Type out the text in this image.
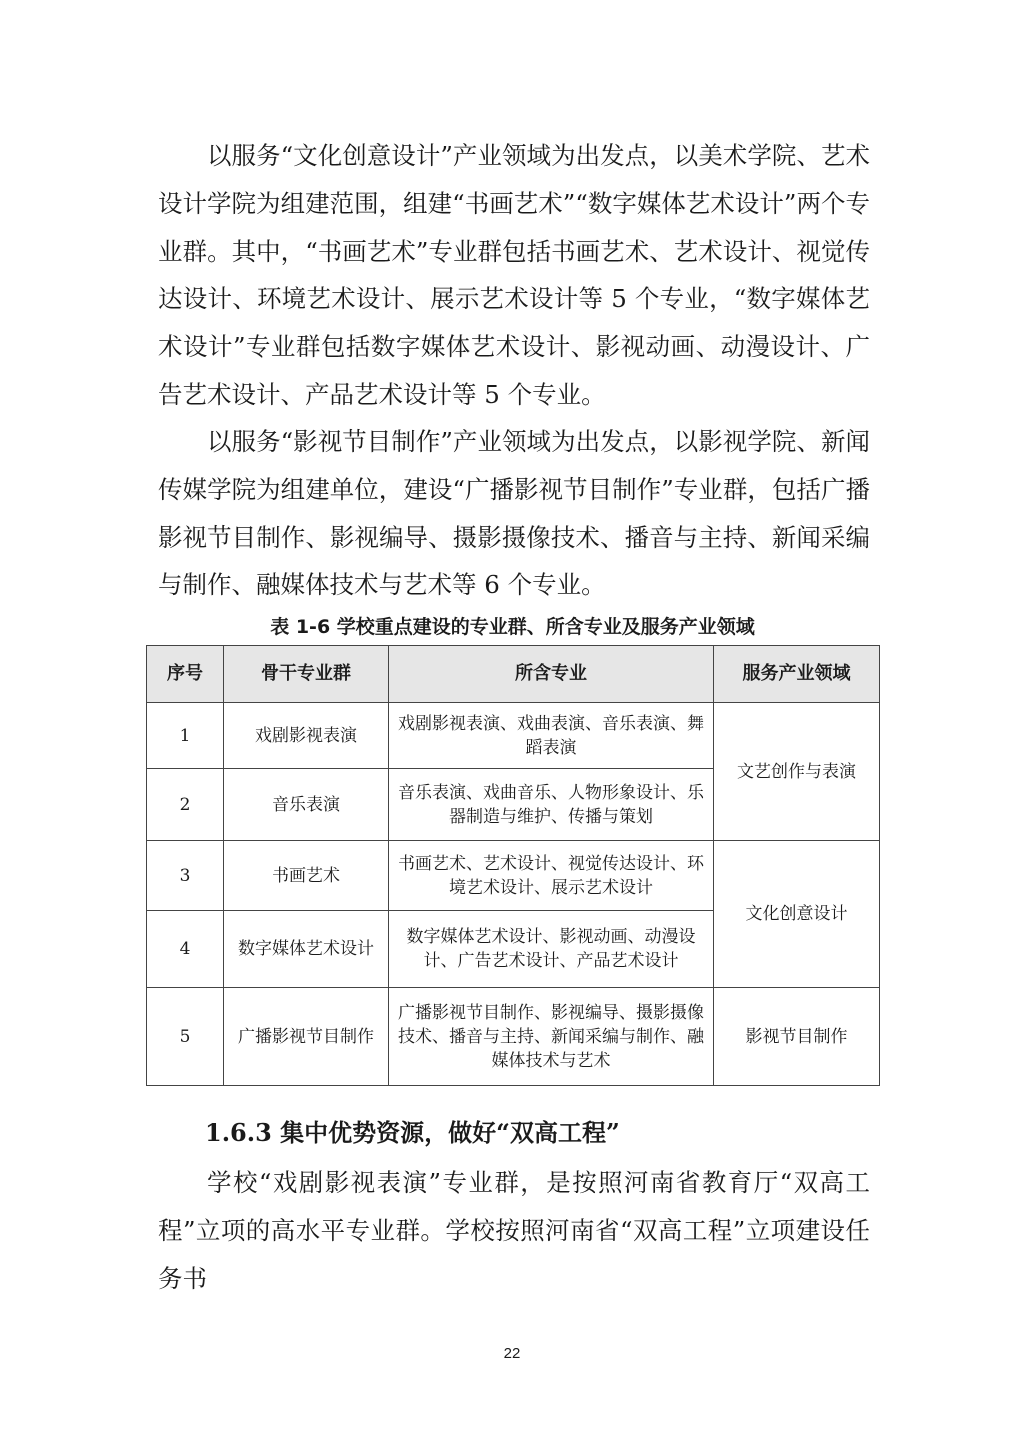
以服务“文化创意设计”产业领域为出发点，以美术学院、艺术设计学院为组建范围，组建“书画艺术”“数字媒体艺术设计”两个专业群。其中，“书画艺术”专业群包括书画艺术、艺术设计、视觉传达设计、环境艺术设计、展示艺术设计等 5 个专业，“数字媒体艺术设计”专业群包括数字媒体艺术设计、影视动画、动漫设计、广告艺术设计、产品艺术设计等 5 个专业。

以服务“影视节目制作”产业领域为出发点，以影视学院、新闻传媒学院为组建单位，建设“广播影视节目制作”专业群，包括广播影视节目制作、影视编导、摄影摄像技术、播音与主持、新闻采编与制作、融媒体技术与艺术等 6 个专业。

表 1-6 学校重点建设的专业群、所含专业及服务产业领域

序号	骨干专业群	所含专业	服务产业领域
1	戏剧影视表演	戏剧影视表演、戏曲表演、音乐表演、舞蹈表演	文艺创作与表演
2	音乐表演	音乐表演、戏曲音乐、人物形象设计、乐器制造与维护、传播与策划	
3	书画艺术	书画艺术、艺术设计、视觉传达设计、环境艺术设计、展示艺术设计	文化创意设计
4	数字媒体艺术设计	数字媒体艺术设计、影视动画、动漫设计、广告艺术设计、产品艺术设计	
5	广播影视节目制作	广播影视节目制作、影视编导、摄影摄像技术、播音与主持、新闻采编与制作、融媒体技术与艺术	影视节目制作
1.6.3 集中优势资源，做好“双高工程”

学校“戏剧影视表演”专业群，是按照河南省教育厅“双高工程”立项的高水平专业群。学校按照河南省“双高工程”立项建设任务书

22
